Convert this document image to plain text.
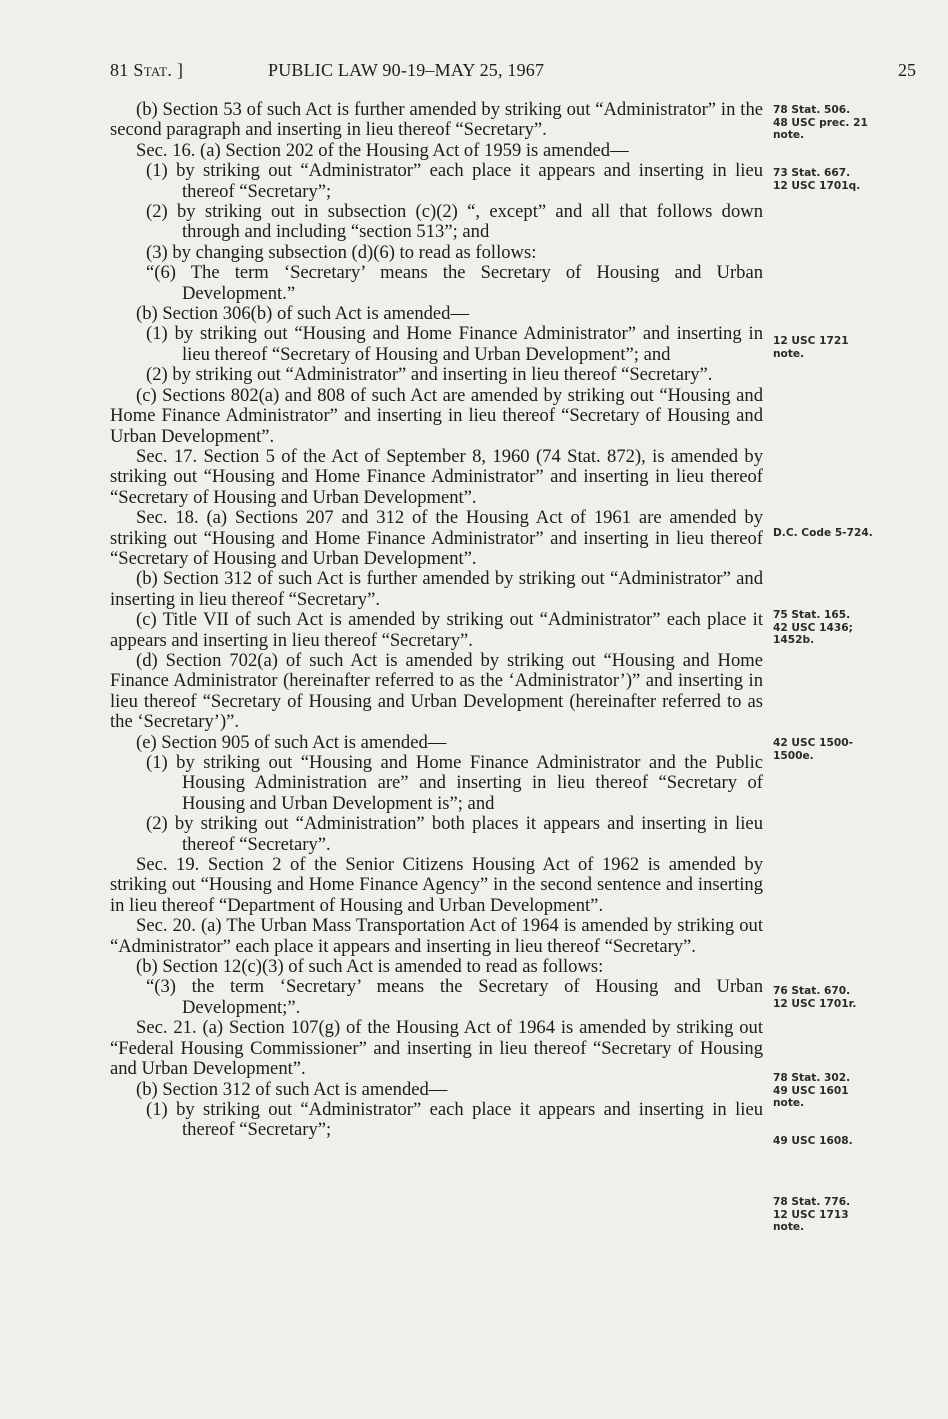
81 Stat. ]	PUBLIC LAW 90-19–MAY 25, 1967	25

(b) Section 53 of such Act is further amended by striking out “Administrator” in the second paragraph and inserting in lieu thereof “Secretary”.

Sec. 16. (a) Section 202 of the Housing Act of 1959 is amended—

(1) by striking out “Administrator” each place it appears and inserting in lieu thereof “Secretary”;

(2) by striking out in subsection (c)(2) “, except” and all that follows down through and including “section 513”; and

(3) by changing subsection (d)(6) to read as follows:

“(6) The term ‘Secretary’ means the Secretary of Housing and Urban Development.”

(b) Section 306(b) of such Act is amended—

(1) by striking out “Housing and Home Finance Administrator” and inserting in lieu thereof “Secretary of Housing and Urban Development”; and

(2) by striking out “Administrator” and inserting in lieu thereof “Secretary”.

(c) Sections 802(a) and 808 of such Act are amended by striking out “Housing and Home Finance Administrator” and inserting in lieu thereof “Secretary of Housing and Urban Development”.

Sec. 17. Section 5 of the Act of September 8, 1960 (74 Stat. 872), is amended by striking out “Housing and Home Finance Administrator” and inserting in lieu thereof “Secretary of Housing and Urban Development”.

Sec. 18. (a) Sections 207 and 312 of the Housing Act of 1961 are amended by striking out “Housing and Home Finance Administrator” and inserting in lieu thereof “Secretary of Housing and Urban Development”.

(b) Section 312 of such Act is further amended by striking out “Administrator” and inserting in lieu thereof “Secretary”.

(c) Title VII of such Act is amended by striking out “Administrator” each place it appears and inserting in lieu thereof “Secretary”.

(d) Section 702(a) of such Act is amended by striking out “Housing and Home Finance Administrator (hereinafter referred to as the ‘Administrator’)” and inserting in lieu thereof “Secretary of Housing and Urban Development (hereinafter referred to as the ‘Secretary’)”.

(e) Section 905 of such Act is amended—

(1) by striking out “Housing and Home Finance Administrator and the Public Housing Administration are” and inserting in lieu thereof “Secretary of Housing and Urban Development is”; and

(2) by striking out “Administration” both places it appears and inserting in lieu thereof “Secretary”.

Sec. 19. Section 2 of the Senior Citizens Housing Act of 1962 is amended by striking out “Housing and Home Finance Agency” in the second sentence and inserting in lieu thereof “Department of Housing and Urban Development”.

Sec. 20. (a) The Urban Mass Transportation Act of 1964 is amended by striking out “Administrator” each place it appears and inserting in lieu thereof “Secretary”.

(b) Section 12(c)(3) of such Act is amended to read as follows:

“(3) the term ‘Secretary’ means the Secretary of Housing and Urban Development;”.

Sec. 21. (a) Section 107(g) of the Housing Act of 1964 is amended by striking out “Federal Housing Commissioner” and inserting in lieu thereof “Secretary of Housing and Urban Development”.

(b) Section 312 of such Act is amended—

(1) by striking out “Administrator” each place it appears and inserting in lieu thereof “Secretary”;

78 Stat. 506.
48 USC prec. 21
note.
73 Stat. 667.
12 USC 1701q.
12 USC 1721
note.
D.C. Code 5-724.
75 Stat. 165.
42 USC 1436;
1452b.
42 USC 1500-
1500e.
76 Stat. 670.
12 USC 1701r.
78 Stat. 302.
49 USC 1601
note.
49 USC 1608.
78 Stat. 776.
12 USC 1713
note.
